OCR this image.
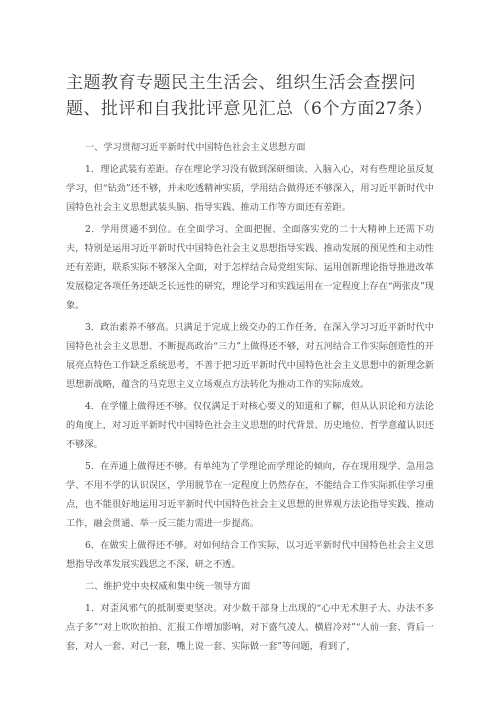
主题教育专题民主生活会、组织生活会查摆问题、批评和自我批评意见汇总（6个方面27条）

一、学习贯彻习近平新时代中国特色社会主义思想方面

1．理论武装有差距。存在理论学习没有做到深研细读、入脑入心，对有些理论虽反复学习，但“钻劲”还不够，并未吃透精神实质，学用结合做得还不够深入，用习近平新时代中国特色社会主义思想武装头脑、指导实践、推动工作等方面还有差距。

2．学用贯通不到位。在全面学习、全面把握、全面落实党的二十大精神上还需下功夫，特别是运用习近平新时代中国特色社会主义思想指导实践、推动发展的预见性和主动性还有差距，联系实际不够深入全面，对于怎样结合局党组实际、运用创新理论指导推进改革发展稳定各项任务还缺乏长远性的研究，理论学习和实践运用在一定程度上存在“两张皮”现象。

3．政治素养不够高。只满足于完成上级交办的工作任务，在深入学习习近平新时代中国特色社会主义思想、不断提高政治“三力”上做得还不够，对五河结合工作实际创造性的开展亮点特色工作缺乏系统思考，不善于把习近平新时代中国特色社会主义思想中的新理念新思想新战略，蕴含的马克思主义立场观点方法转化为推动工作的实际成效。

4．在学懂上做得还不够。仅仅满足于对核心要义的知道和了解，但从认识论和方法论的角度上，对习近平新时代中国特色社会主义思想的时代背景、历史地位、哲学意蕴认识还不够深。

5．在弄通上做得还不够。有单纯为了学理论而学理论的倾向，存在现用现学、急用急学、不用不学的认识误区，学用脱节在一定程度上仍然存在，不能结合工作实际抓住学习重点，也不能很好地运用习近平新时代中国特色社会主义思想的世界观方法论指导实践、推动工作，融会贯通、举一反三能力需进一步提高。

6．在做实上做得还不够。对如何结合工作实际，以习近平新时代中国特色社会主义思想指导改革发展实践思之不深、研之不透。

二、维护党中央权威和集中统一领导方面

1．对歪风邪气的抵制要更坚决。对少数干部身上出现的“心中无术胆子大、办法不多点子多”“对上吹吹拍拍、汇报工作增加影响，对下盛气凌人、横眉冷对”“人前一套、背后一套，对人一套、对己一套，嘴上说一套、实际做一套”等问题，看到了，
